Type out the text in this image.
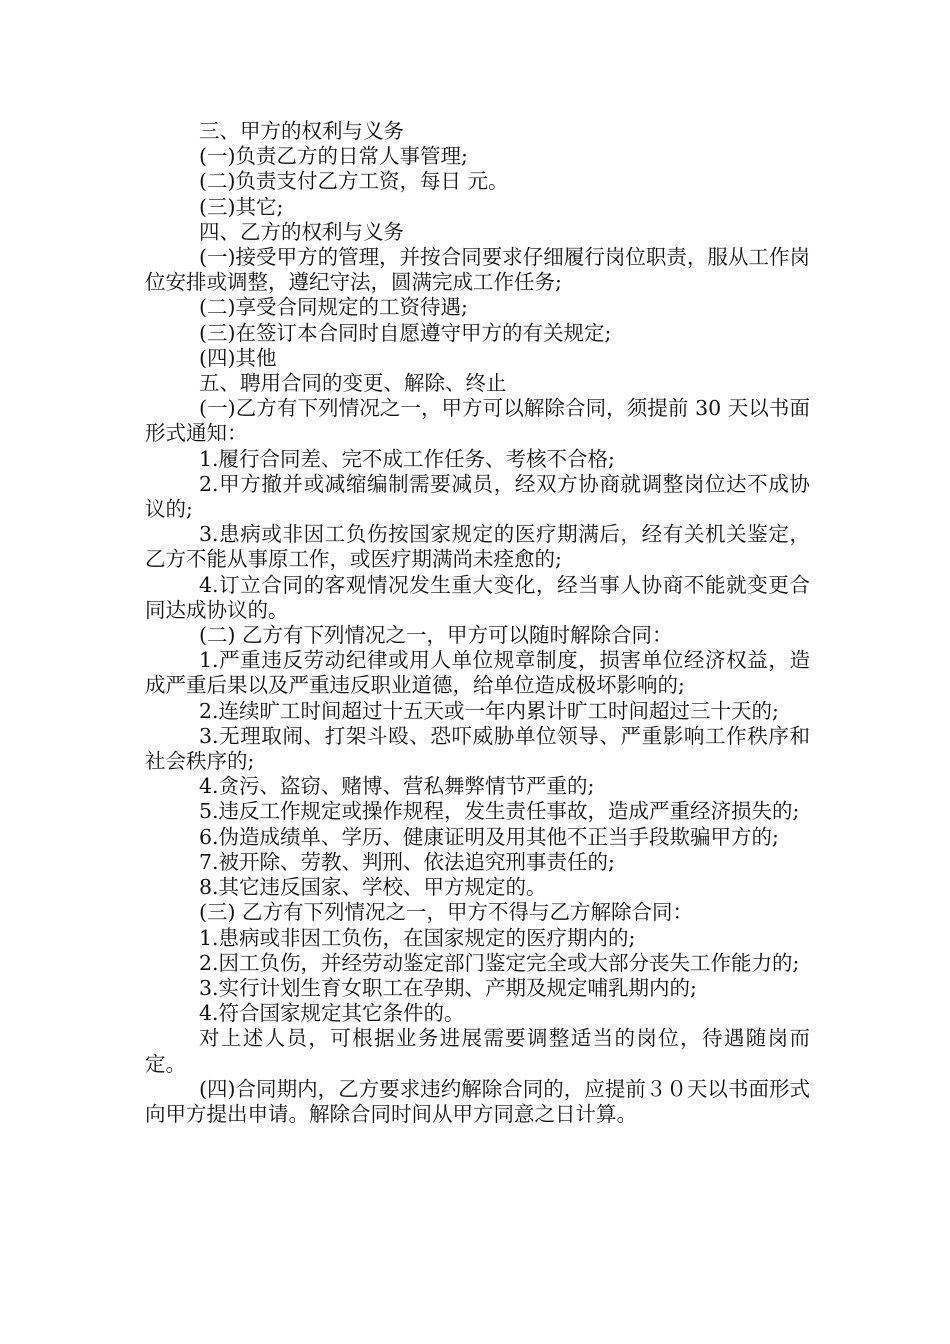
三、甲方的权利与义务

(一)负责乙方的日常人事管理;

(二)负责支付乙方工资，每日 元。

(三)其它;

四、乙方的权利与义务

(一)接受甲方的管理，并按合同要求仔细履行岗位职责，服从工作岗位安排或调整，遵纪守法，圆满完成工作任务;

(二)享受合同规定的工资待遇;

(三)在签订本合同时自愿遵守甲方的有关规定;

(四)其他

五、聘用合同的变更、解除、终止

(一)乙方有下列情况之一，甲方可以解除合同，须提前 30 天以书面形式通知：

1.履行合同差、完不成工作任务、考核不合格;

2.甲方撤并或减缩编制需要减员，经双方协商就调整岗位达不成协议的;

3.患病或非因工负伤按国家规定的医疗期满后，经有关机关鉴定，乙方不能从事原工作，或医疗期满尚未痊愈的;

4.订立合同的客观情况发生重大变化，经当事人协商不能就变更合同达成协议的。

(二) 乙方有下列情况之一，甲方可以随时解除合同：

1.严重违反劳动纪律或用人单位规章制度，损害单位经济权益，造成严重后果以及严重违反职业道德，给单位造成极坏影响的;

2.连续旷工时间超过十五天或一年内累计旷工时间超过三十天的;

3.无理取闹、打架斗殴、恐吓威胁单位领导、严重影响工作秩序和社会秩序的;

4.贪污、盗窃、赌博、营私舞弊情节严重的;

5.违反工作规定或操作规程，发生责任事故，造成严重经济损失的;

6.伪造成绩单、学历、健康证明及用其他不正当手段欺骗甲方的;

7.被开除、劳教、判刑、依法追究刑事责任的;

8.其它违反国家、学校、甲方规定的。

(三) 乙方有下列情况之一，甲方不得与乙方解除合同：

1.患病或非因工负伤，在国家规定的医疗期内的;

2.因工负伤，并经劳动鉴定部门鉴定完全或大部分丧失工作能力的;

3.实行计划生育女职工在孕期、产期及规定哺乳期内的;

4.符合国家规定其它条件的。

对上述人员，可根据业务进展需要调整适当的岗位，待遇随岗而定。

(四)合同期内，乙方要求违约解除合同的，应提前３０天以书面形式向甲方提出申请。解除合同时间从甲方同意之日计算。
